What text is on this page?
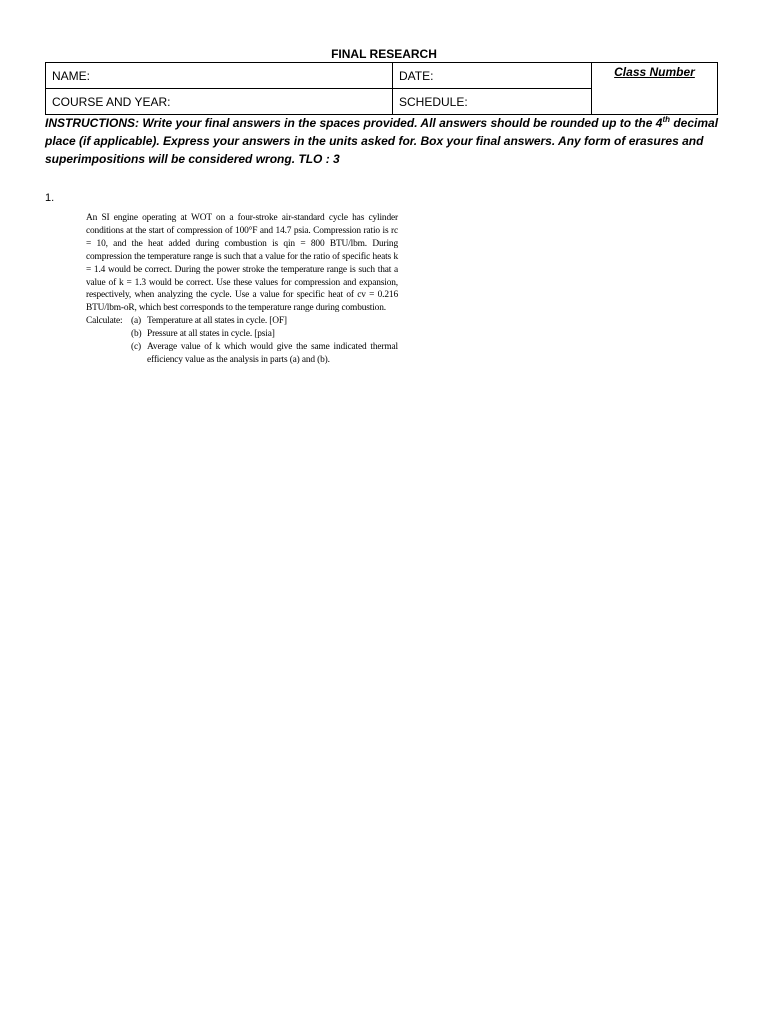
FINAL RESEARCH
NAME:	DATE:	Class Number
COURSE AND YEAR:	SCHEDULE:	
INSTRUCTIONS: Write your final answers in the spaces provided. All answers should be rounded up to the 4th decimal place (if applicable). Express your answers in the units asked for. Box your final answers. Any form of erasures and superimpositions will be considered wrong. TLO : 3
1.

An SI engine operating at WOT on a four-stroke air-standard cycle has cylinder conditions at the start of compression of 100°F and 14.7 psia. Compression ratio is rc = 10, and the heat added during combustion is qin = 800 BTU/lbm. During compression the temperature range is such that a value for the ratio of specific heats k = 1.4 would be correct. During the power stroke the temperature range is such that a value of k = 1.3 would be correct. Use these values for compression and expansion, respectively, when analyzing the cycle. Use a value for specific heat of cv = 0.216 BTU/lbm-oR, which best corresponds to the temperature range during combustion.

Calculate: (a) Temperature at all states in cycle. [OF]
(b) Pressure at all states in cycle. [psia]
(c) Average value of k which would give the same indicated thermal efficiency value as the analysis in parts (a) and (b).
